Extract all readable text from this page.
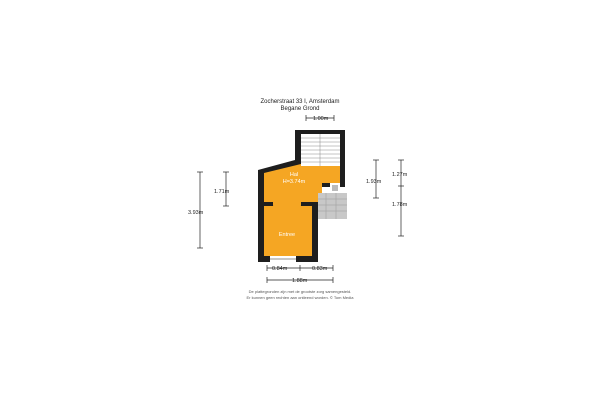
Zocherstraat 33 I, Amsterdam
Begane Grond
1.00m
Hal
H=3.74m
Entree
1.71m
3.93m
1.27m
1.93m
1.78m
0.84m	0.83m
1.88m
De plattegronden zijn met de grootste zorg samengesteld.
Er kunnen geen rechten aan ontleend worden. © Tom Media
